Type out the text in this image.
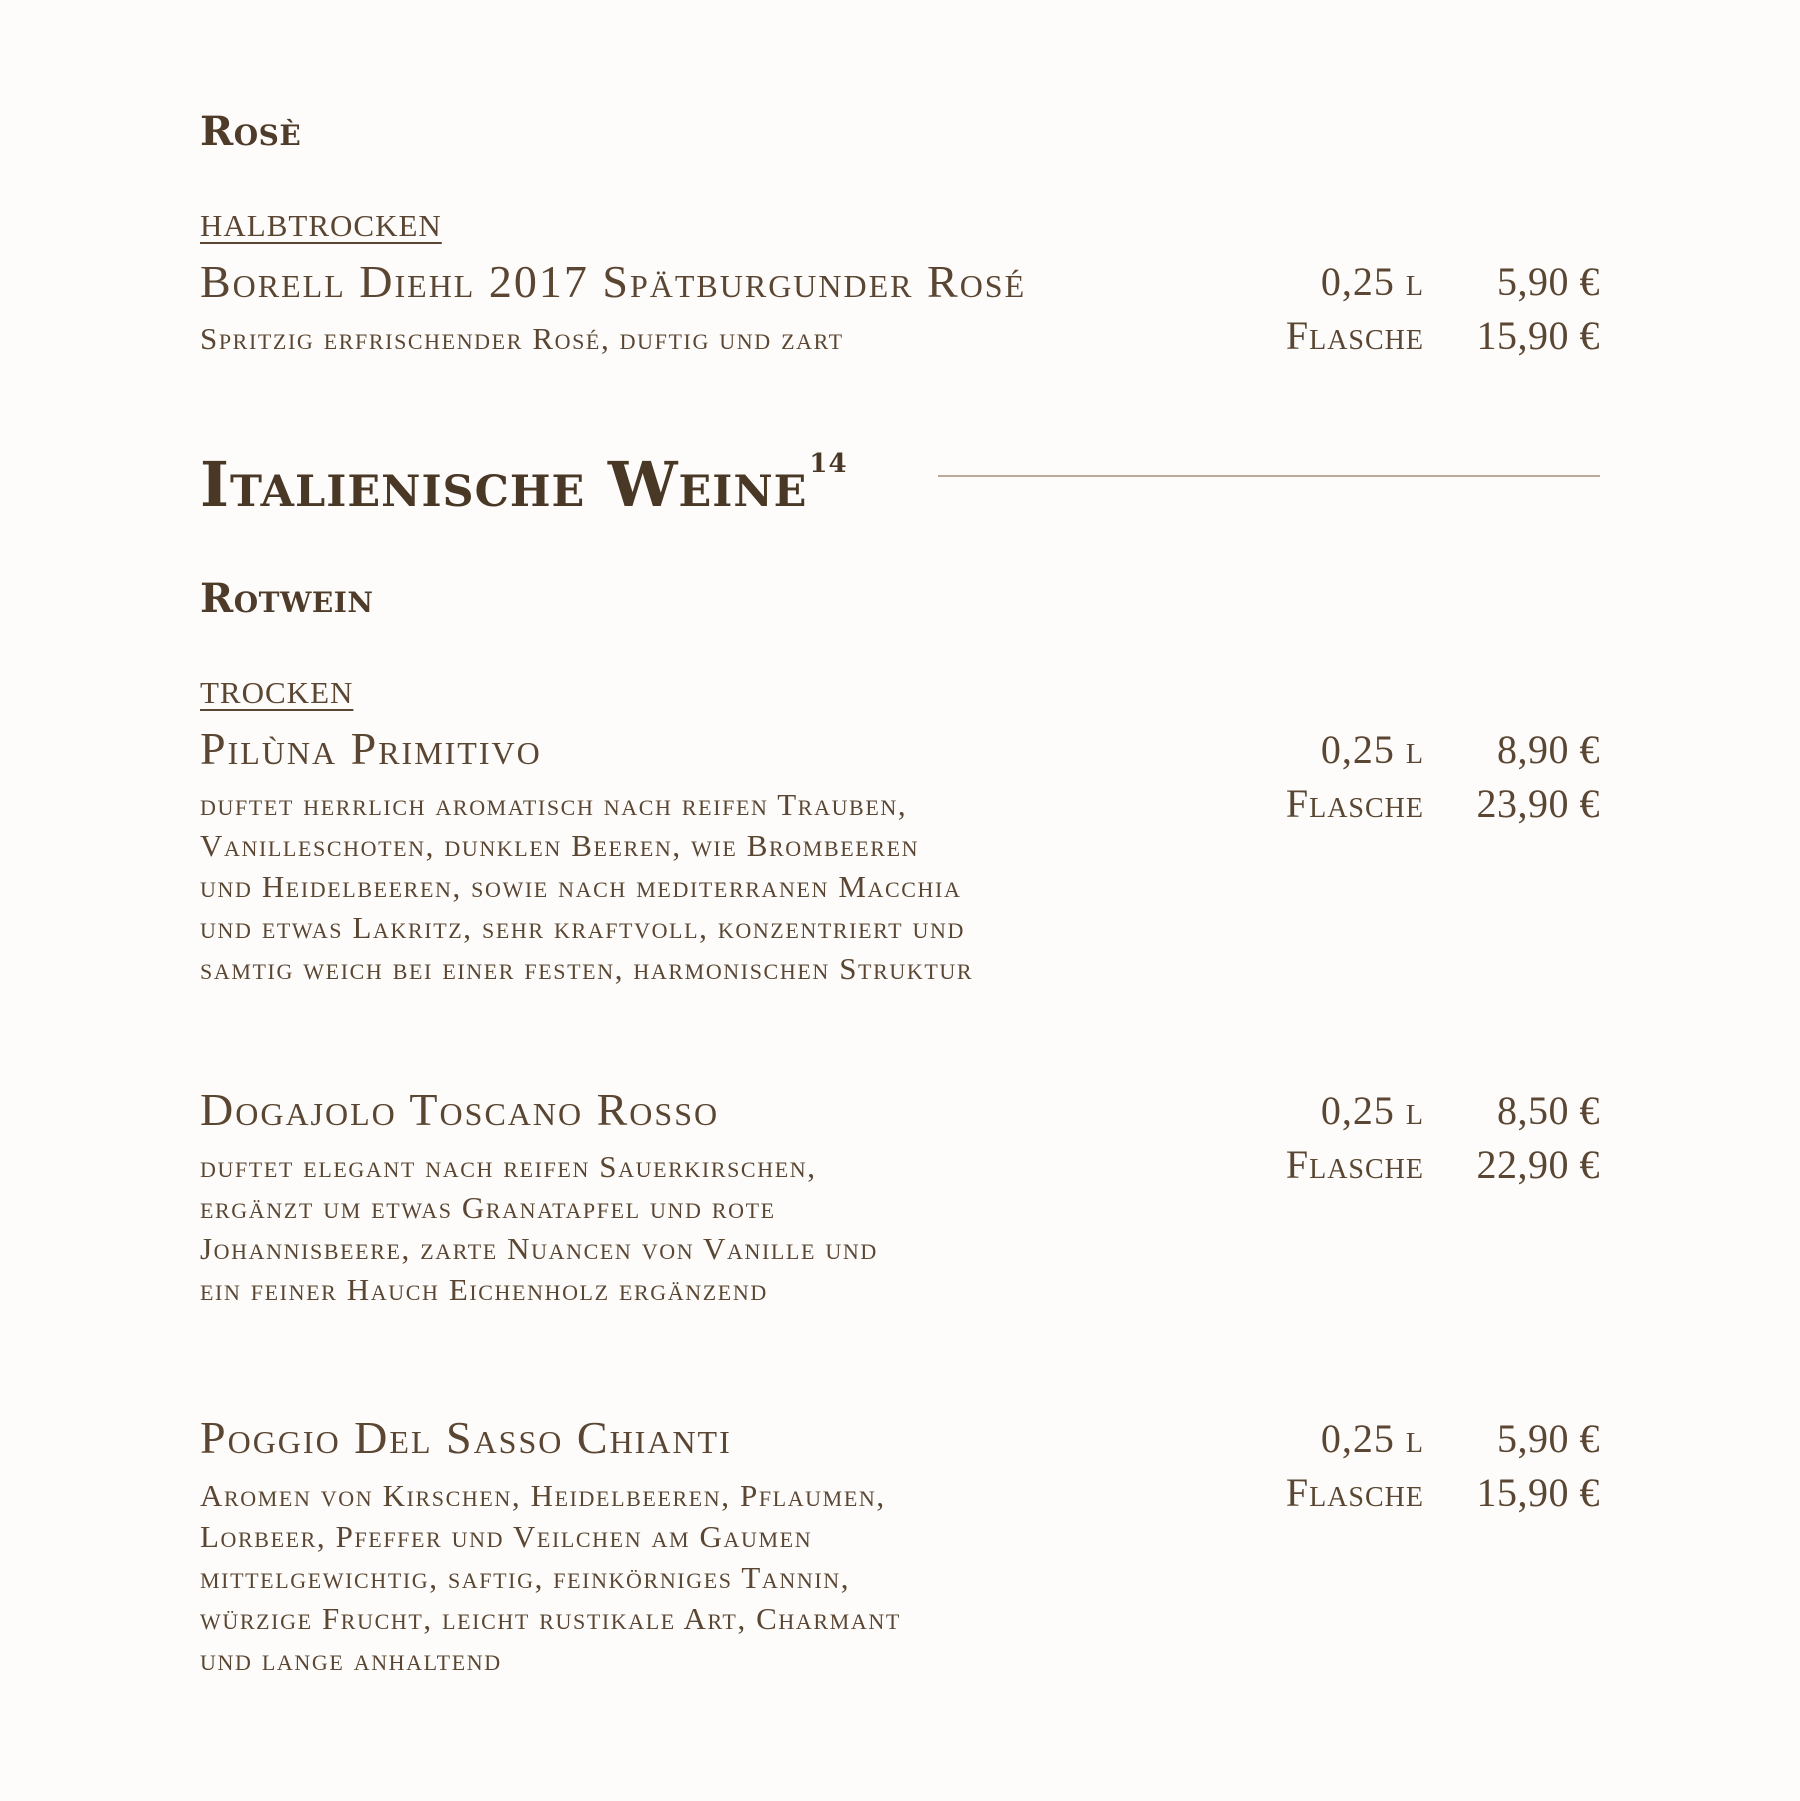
Rosè
halbtrocken
Borell Diehl 2017 Spätburgunder Rosé
Spritzig erfrischender Rosé, duftig und zart
0,25 l	5,90 €
Flasche	15,90 €
Italienische Weine$^{14}$
Rotwein
trocken
Pilùna Primitivo
duftet herrlich aromatisch nach reifen Trauben,
Vanilleschoten, dunklen Beeren, wie Brombeeren
und Heidelbeeren, sowie nach mediterranen Macchia
und etwas Lakritz, sehr kraftvoll, konzentriert und
samtig weich bei einer festen, harmonischen Struktur
0,25 l	8,90 €
Flasche	23,90 €
Dogajolo Toscano Rosso
duftet elegant nach reifen Sauerkirschen,
ergänzt um etwas Granatapfel und rote
Johannisbeere, zarte Nuancen von Vanille und
ein feiner Hauch Eichenholz ergänzend
0,25 l	8,50 €
Flasche	22,90 €
Poggio Del Sasso Chianti
Aromen von Kirschen, Heidelbeeren, Pflaumen,
Lorbeer, Pfeffer und Veilchen am Gaumen
mittelgewichtig, saftig, feinkörniges Tannin,
würzige Frucht, leicht rustikale Art, Charmant
und lange anhaltend
0,25 l	5,90 €
Flasche	15,90 €
